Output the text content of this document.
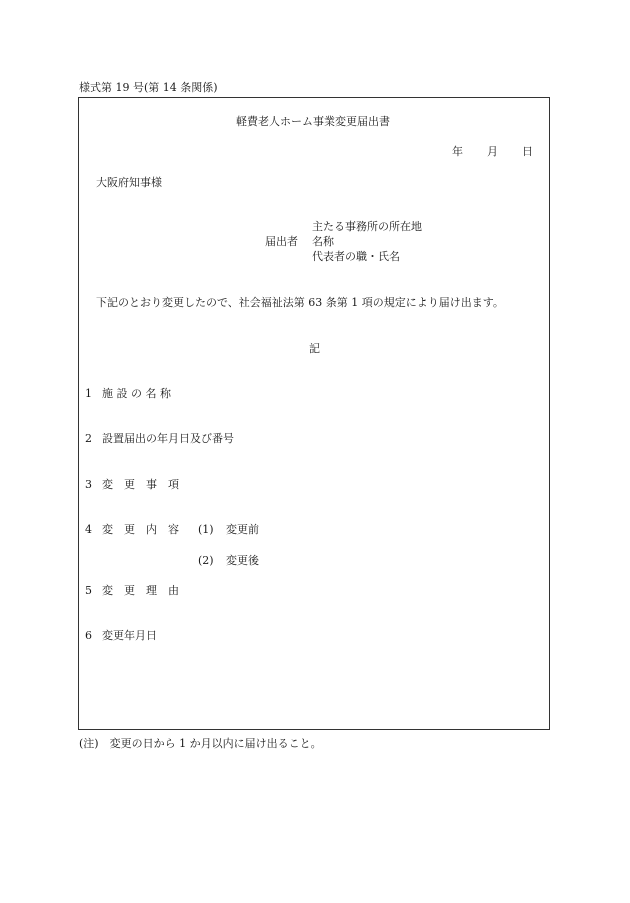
様式第 19 号(第 14 条関係)
軽費老人ホーム事業変更届出書
年 月 日
大阪府知事様
主たる事務所の所在地
届出者 名称
代表者の職・氏名
下記のとおり変更したので、社会福祉法第 63 条第 1 項の規定により届け出ます。
記
1 施 設 の 名 称
2 設置届出の年月日及び番号
3 変　更　事　項
4 変　更　内　容 (1) 変更前
(2) 変更後
5 変　更　理　由
6 変更年月日
(注)　変更の日から 1 か月以内に届け出ること。
